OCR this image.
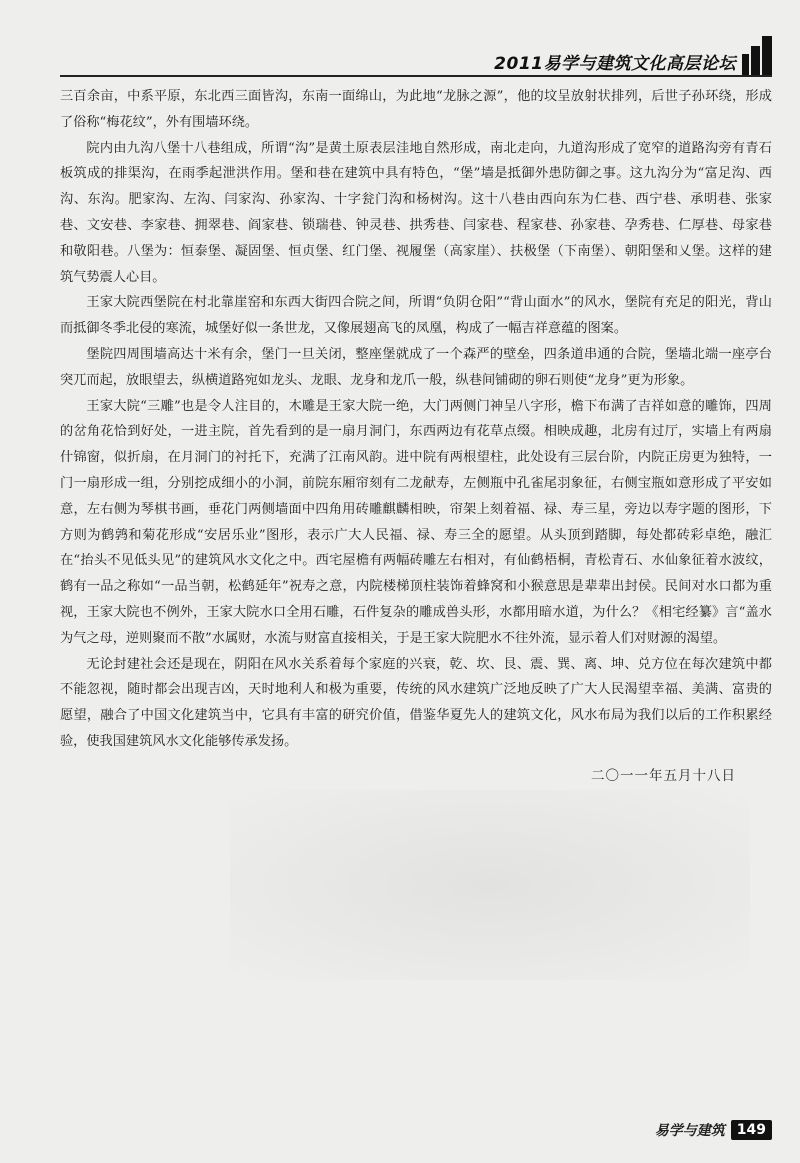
2011易学与建筑文化高层论坛

三百余亩，中系平原，东北西三面皆沟，东南一面绵山，为此地“龙脉之源”，他的坟呈放射状排列，后世子孙环绕，形成了俗称“梅花纹”，外有围墙环绕。

院内由九沟八堡十八巷组成，所谓“沟”是黄土原表层洼地自然形成，南北走向，九道沟形成了宽窄的道路沟旁有青石板筑成的排渠沟，在雨季起泄洪作用。堡和巷在建筑中具有特色，“堡”墙是抵御外患防御之事。这九沟分为“富足沟、西沟、东沟。肥家沟、左沟、闫家沟、孙家沟、十字瓮门沟和杨树沟。这十八巷由西向东为仁巷、西宁巷、承明巷、张家巷、文安巷、李家巷、拥翠巷、阎家巷、锁瑞巷、钟灵巷、拱秀巷、闫家巷、程家巷、孙家巷、孕秀巷、仁厚巷、母家巷和敬阳巷。八堡为：恒泰堡、凝固堡、恒贞堡、红门堡、视履堡（高家崖）、扶极堡（下南堡）、朝阳堡和乂堡。这样的建筑气势震人心目。

王家大院西堡院在村北靠崖窑和东西大街四合院之间，所谓“负阴仓阳”“背山面水”的风水，堡院有充足的阳光，背山而抵御冬季北侵的寒流，城堡好似一条世龙，又像展翅高飞的凤凰，构成了一幅吉祥意蕴的图案。

堡院四周围墙高达十米有余，堡门一旦关闭，整座堡就成了一个森严的壁垒，四条道串通的合院，堡墙北端一座亭台突兀而起，放眼望去，纵横道路宛如龙头、龙眼、龙身和龙爪一般，纵巷间铺砌的卵石则使“龙身”更为形象。

王家大院“三雕”也是令人注目的，木雕是王家大院一绝，大门两侧门神呈八字形，檐下布满了吉祥如意的雕饰，四周的岔角花恰到好处，一进主院，首先看到的是一扇月洞门，东西两边有花草点缀。相映成趣，北房有过厅，实墙上有两扇什锦窗，似折扇，在月洞门的衬托下，充满了江南风韵。进中院有两根望柱，此处设有三层台阶，内院正房更为独特，一门一扇形成一组，分别挖成细小的小洞，前院东厢帘刻有二龙献寿，左侧瓶中孔雀尾羽象征，右侧宝瓶如意形成了平安如意，左右侧为琴棋书画，垂花门两侧墙面中四角用砖雕麒麟相映，帘架上刻着福、禄、寿三星，旁边以寿字题的图形，下方则为鹤鹑和菊花形成“安居乐业”图形，表示广大人民福、禄、寿三全的愿望。从头顶到踏脚，每处都砖彩卓绝，融汇在“抬头不见低头见”的建筑风水文化之中。西宅屋檐有两幅砖雕左右相对，有仙鹤梧桐，青松青石、水仙象征着水波纹，鹤有一品之称如“一品当朝，松鹤延年”祝寿之意，内院楼梯顶柱装饰着蜂窝和小猴意思是辈辈出封侯。民间对水口都为重视，王家大院也不例外，王家大院水口全用石雕，石件复杂的雕成兽头形，水都用暗水道，为什么？《相宅经纂》言“盖水为气之母，逆则聚而不散”水属财，水流与财富直接相关，于是王家大院肥水不往外流，显示着人们对财源的渴望。

无论封建社会还是现在，阴阳在风水关系着每个家庭的兴衰，乾、坎、艮、震、巽、离、坤、兑方位在每次建筑中都不能忽视，随时都会出现吉凶，天时地利人和极为重要，传统的风水建筑广泛地反映了广大人民渴望幸福、美满、富贵的愿望，融合了中国文化建筑当中，它具有丰富的研究价值，借鉴华夏先人的建筑文化，风水布局为我们以后的工作积累经验，使我国建筑风水文化能够传承发扬。

二〇一一年五月十八日
易学与建筑 149
